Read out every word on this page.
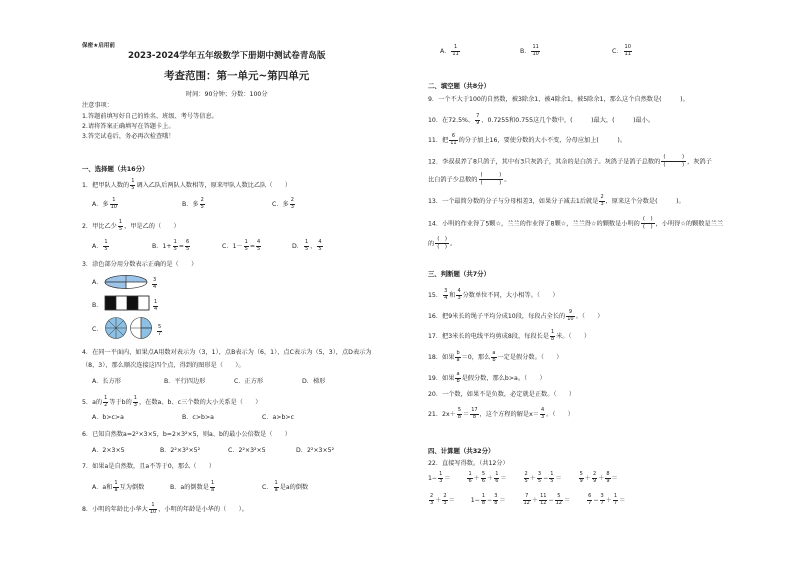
保密★启用前
2023-2024学年五年级数学下册期中测试卷青岛版
考查范围：第一单元~第四单元
时间：90分钟；分数：100分
注意事项：
1.答题前填写好自己的姓名、班级、考号等信息。
2.请将答案正确填写在答题卡上。
3.答完试卷后，务必再次检查哦！
一、选择题（共16分）
1．把甲队人数的 $\frac{1}{5}$ 调入乙队后两队人数相等，原来甲队人数比乙队（　　）
A．多 $\frac{1}{10}$	B．多 $\frac{2}{5}$	C．多 $\frac{2}{3}$
2．甲比乙少 $\frac{1}{5}$ ，甲是乙的（　　）
A． $\frac{1}{5}$	B．$1+ \frac{1}{5} = \frac{6}{5}$	C．$1- \frac{1}{5} = \frac{4}{5}$	D． $\frac{1}{5}$ ， $\frac{4}{5}$
3．涂色部分用分数表示正确的是（　　）
A．	$\frac{3}{4}$
B．	$\frac{1}{4}$
C．	$\frac{5}{7}$
4．在同一平面内，如果点A用数对表示为（3，1），点B表示为（6，1），点C表示为（5，3），点D表示为
（8，3），那么顺次连接这四个点，得到的图形是（　　）。
A．长方形	B．平行四边形	C．正方形	D．梯形
5．a的 $\frac{1}{2}$ 等于b的 $\frac{1}{3}$ ，在数a、b、c三个数的大小关系是（　　）
A．b>c>a	B．c>b>a	C．a>b>c
6．已知自然数a=2²×3×5，b=2×3²×5，则a、b的最小公倍数是（　　）
A．2×3×5	B．2²×3²×5²	C．2²×3²×5	D．2²×3×5²
7．如果a是自然数，且a不等于0，那么（　　）
A．a和 $\frac{1}{a}$ 互为倒数	B．a的倒数是 $\frac{1}{a}$	C． $\frac{1}{a}$ 是a的倒数
8．小明的年龄比小华大 $\frac{1}{10}$ ，小明的年龄是小华的（　　）。
A． $\frac{1}{11}$	B． $\frac{11}{10}$	C． $\frac{10}{11}$
二、填空题（共8分）
9．一个不大于100的自然数，被3除余1，被4除余1，被5除余1，那么这个自然数是(　　　)。
10．在72.5%、 $\frac{7}{9}$ 、0.7255和0.755这几个数中，(　　　)最大，(　　　)最小。
11．把 $\frac{6}{11}$ 的分子加上16，要使分数的大小不变，分母应加上(　　　)。
12．李叔叔养了8只鸽子，其中有3只灰鸽子，其余的是白鸽子。灰鸽子是鸽子总数的
(　　　)
(　　　) ，灰鸽子
比白鸽子少总数的
(　　　)
(　　　) 。
13．一个最简分数的分子与分母相差3，如果分子减去1后就是 $\frac{2}{3}$ ，原来这个分数是(　　　)。
14．小明的作业得了5颗☆，兰兰的作业得了8颗☆，兰兰得☆的颗数是小明的
(　)
(　) ，小明得☆的颗数是兰兰
的
(　)
(　) 。
三、判断题（共7分）
15． $\frac{3}{4}$ 和 $\frac{4}{3}$ 分数单位不同，大小相等。（　　）
16．把9米长的绳子平均分成10段，每段占全长的 $\frac{9}{10}$ 。（　　）
17．把3米长的电线平均剪成8段，每段长是 $\frac{1}{8}$ 米。（　　）
18．如果 $\frac{b}{a} =0$，那么 $\frac{a}{b}$ 一定是假分数。（　　）
19．如果 $\frac{a}{b}$ 是假分数，那么b>a。（　　）
20．一个数，如果不是负数，必定就是正数。（　　）
21．$2x+ \frac{5}{8} = \frac{17}{8}$ ，这个方程的解是$x= \frac{4}{3}$ 。（　　）
四、计算题（共32分）
22．直接写得数。（共12分）
$1- \frac{1}{3}$ ＝	$\frac{1}{6} + \frac{5}{6} + \frac{1}{6}$ ＝	$\frac{2}{5} + \frac{3}{5} - \frac{1}{5}$ ＝	$\frac{5}{9} + \frac{2}{9} + \frac{8}{9}$ ＝
$\frac{2}{3} + \frac{2}{3}$ ＝	$1- \frac{1}{8} - \frac{3}{8}$ ＝	$\frac{7}{12} + \frac{11}{12} - \frac{5}{12}$ ＝	$\frac{6}{7} - \frac{3}{7} + \frac{1}{7}$ ＝
